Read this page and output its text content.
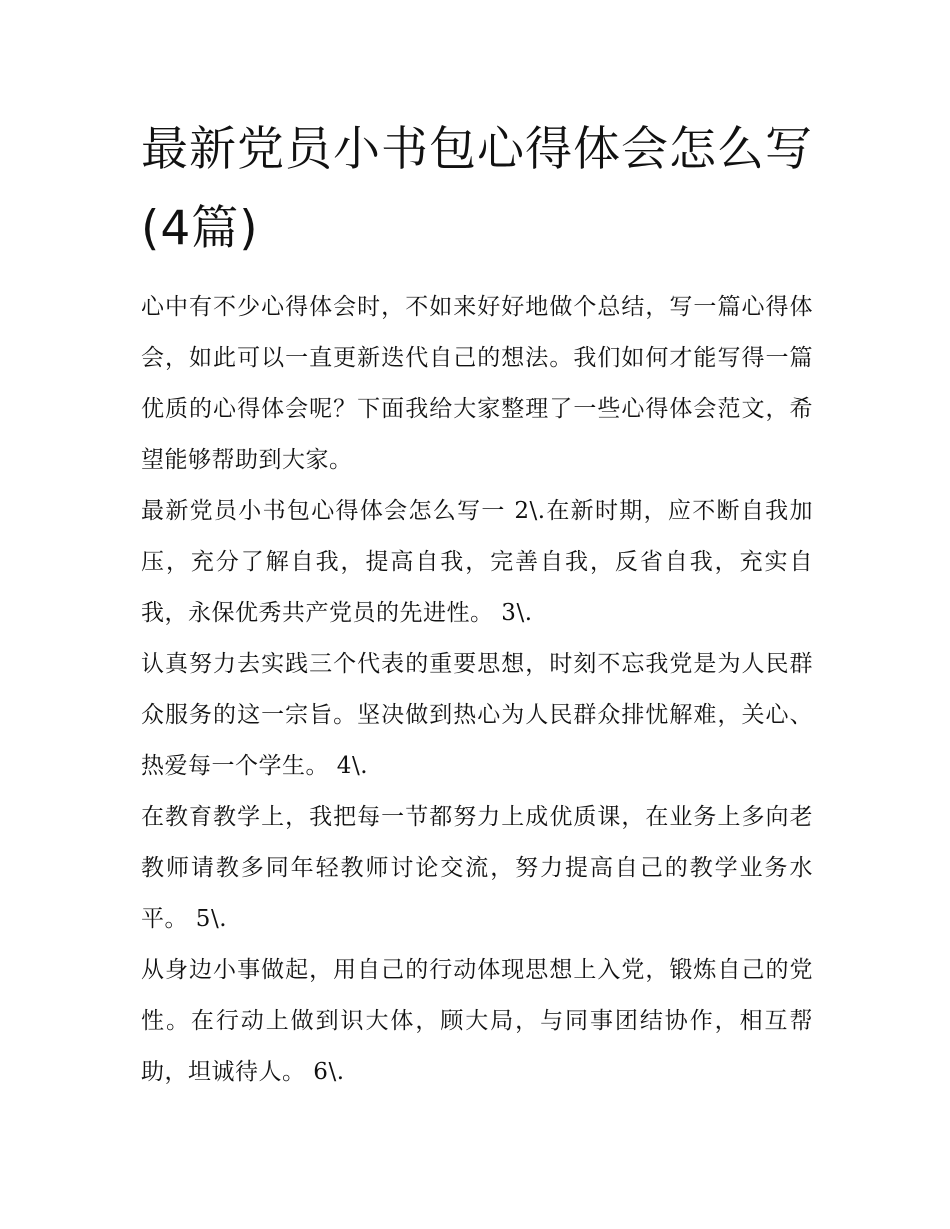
最新党员小书包心得体会怎么写(4篇)

心中有不少心得体会时，不如来好好地做个总结，写一篇心得体会，如此可以一直更新迭代自己的想法。我们如何才能写得一篇优质的心得体会呢？下面我给大家整理了一些心得体会范文，希望能够帮助到大家。

最新党员小书包心得体会怎么写一 2\.在新时期，应不断自我加压，充分了解自我，提高自我，完善自我，反省自我，充实自我，永保优秀共产党员的先进性。 3\.

认真努力去实践三个代表的重要思想，时刻不忘我党是为人民群众服务的这一宗旨。坚决做到热心为人民群众排忧解难，关心、热爱每一个学生。 4\.

在教育教学上，我把每一节都努力上成优质课，在业务上多向老教师请教多同年轻教师讨论交流，努力提高自己的教学业务水平。 5\.

从身边小事做起，用自己的行动体现思想上入党，锻炼自己的党性。在行动上做到识大体，顾大局，与同事团结协作，相互帮助，坦诚待人。 6\.
